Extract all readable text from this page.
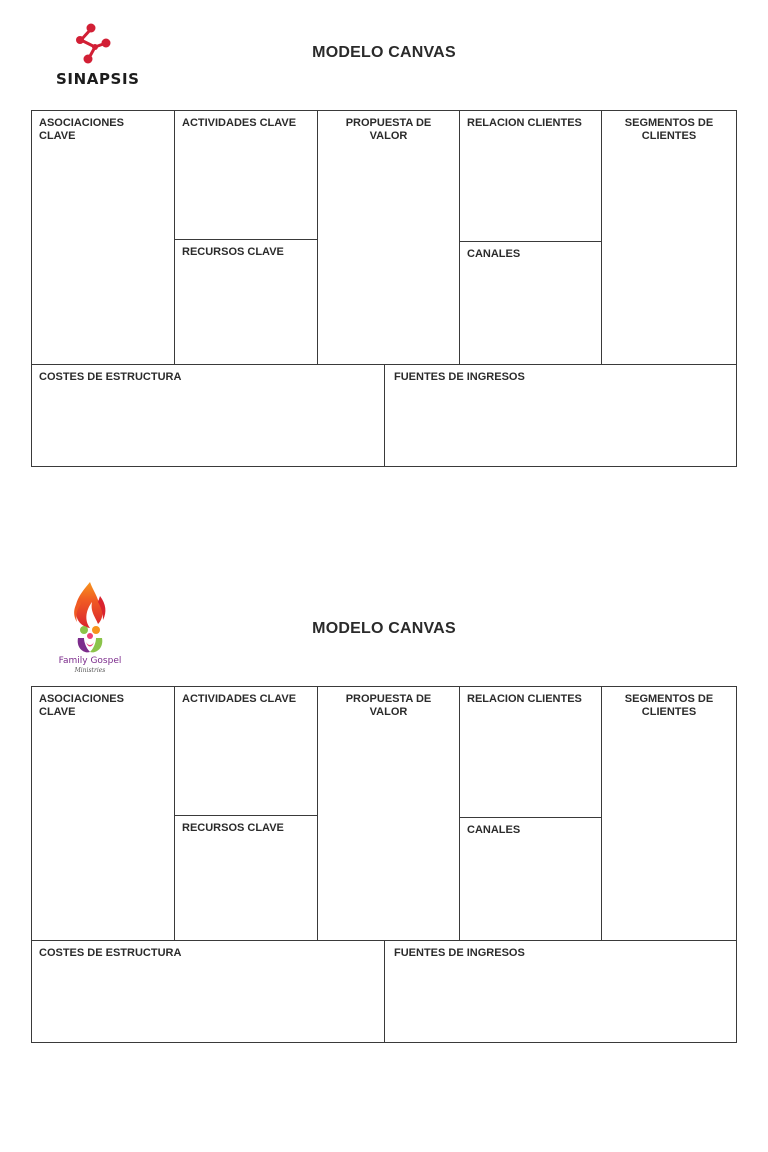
SINAPSIS
MODELO CANVAS
ASOCIACIONES CLAVE
ACTIVIDADES CLAVE
RECURSOS CLAVE
PROPUESTA DE VALOR
RELACION CLIENTES
CANALES
SEGMENTOS DE CLIENTES
COSTES DE ESTRUCTURA	FUENTES DE INGRESOS
Family Gospel
Ministries
MODELO CANVAS
ASOCIACIONES CLAVE
ACTIVIDADES CLAVE
RECURSOS CLAVE
PROPUESTA DE VALOR
RELACION CLIENTES
CANALES
SEGMENTOS DE CLIENTES
COSTES DE ESTRUCTURA	FUENTES DE INGRESOS
